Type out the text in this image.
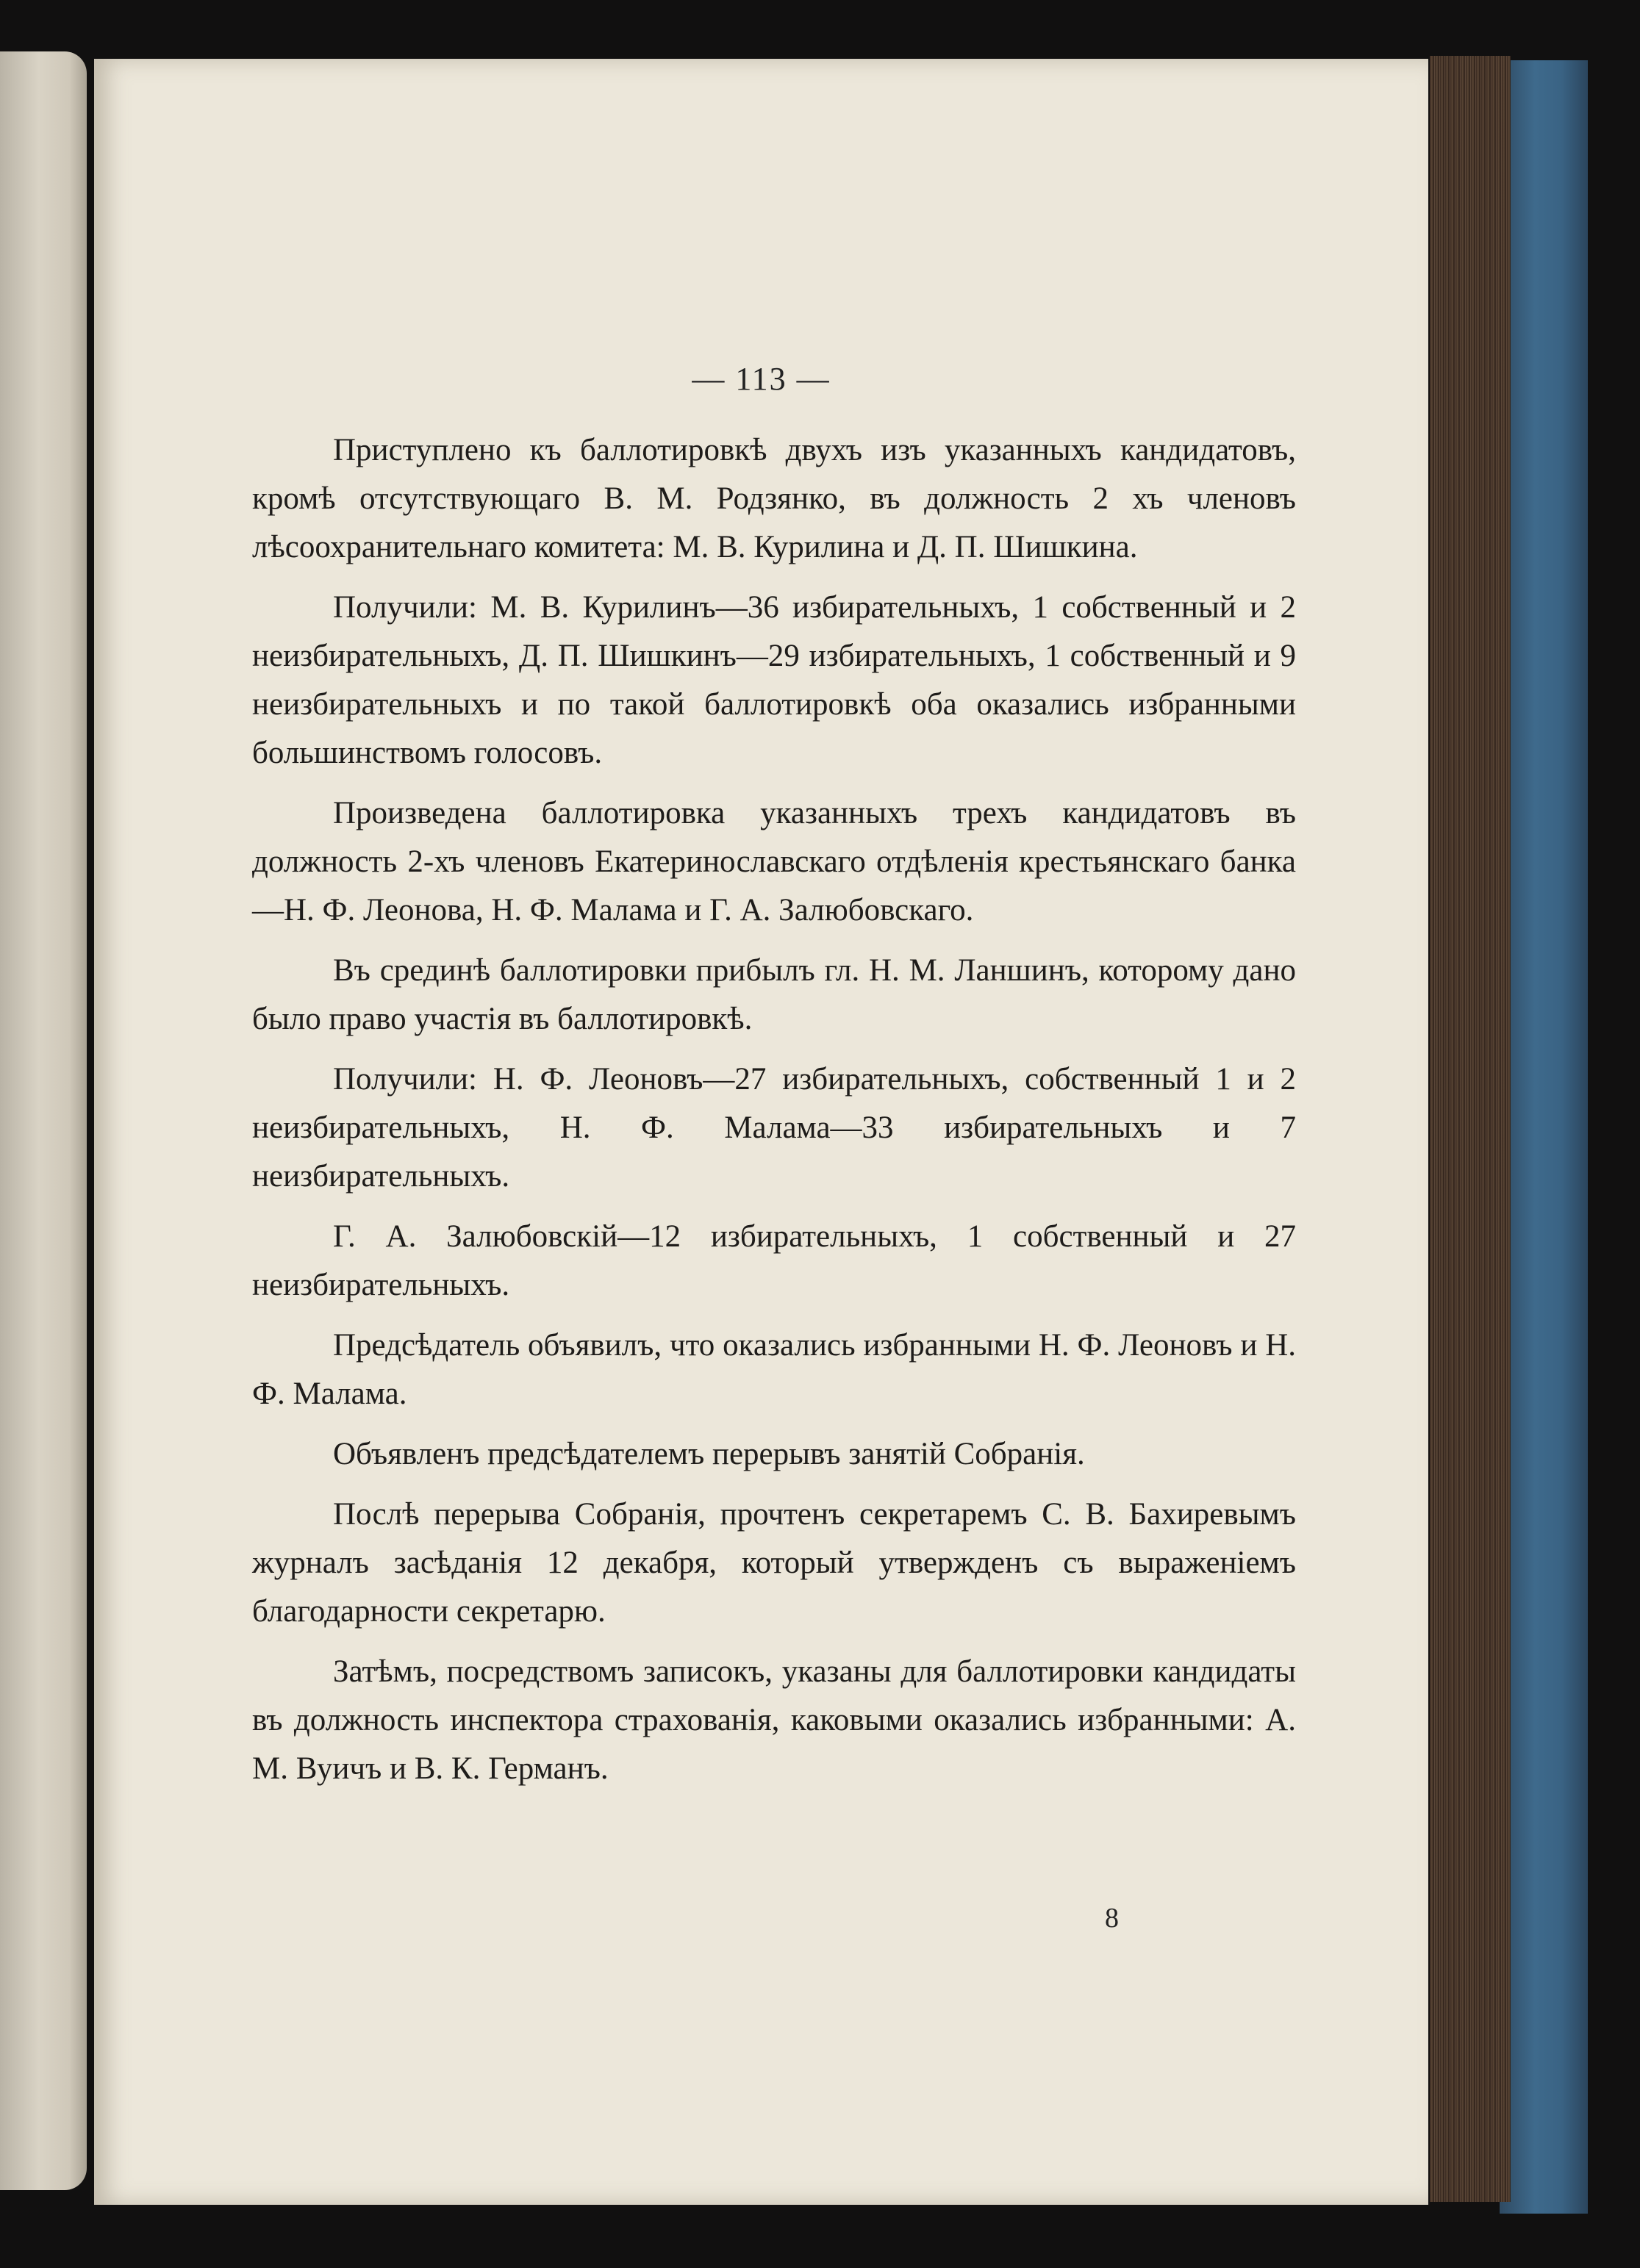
— 113 —

Приступлено къ баллотировкѣ двухъ изъ указанныхъ кандидатовъ, кромѣ отсутствующаго В. М. Родзянко, въ должность 2 хъ членовъ лѣсоохранительнаго комитета: М. В. Курилина и Д. П. Шишкина.

Получили: М. В. Курилинъ—36 избирательныхъ, 1 собственный и 2 неизбирательныхъ, Д. П. Шишкинъ—29 избирательныхъ, 1 собственный и 9 неизбирательныхъ и по такой баллотировкѣ оба оказались избранными большинствомъ голосовъ.

Произведена баллотировка указанныхъ трехъ кандидатовъ въ должность 2-хъ членовъ Екатеринославскаго отдѣленія крестьянскаго банка—Н. Ф. Леонова, Н. Ф. Малама и Г. А. Залюбовскаго.

Въ срединѣ баллотировки прибылъ гл. Н. М. Ланшинъ, которому дано было право участія въ баллотировкѣ.

Получили: Н. Ф. Леоновъ—27 избирательныхъ, собственный 1 и 2 неизбирательныхъ, Н. Ф. Малама—33 избирательныхъ и 7 неизбирательныхъ.

Г. А. Залюбовскій—12 избирательныхъ, 1 собственный и 27 неизбирательныхъ.

Предсѣдатель объявилъ, что оказались избранными Н. Ф. Леоновъ и Н. Ф. Малама.

Объявленъ предсѣдателемъ перерывъ занятій Собранія.

Послѣ перерыва Собранія, прочтенъ секретаремъ С. В. Бахиревымъ журналъ засѣданія 12 декабря, который утвержденъ съ выраженіемъ благодарности секретарю.

Затѣмъ, посредствомъ записокъ, указаны для баллотировки кандидаты въ должность инспектора страхованія, каковыми оказались избранными: А. М. Вуичъ и В. К. Германъ.

8
